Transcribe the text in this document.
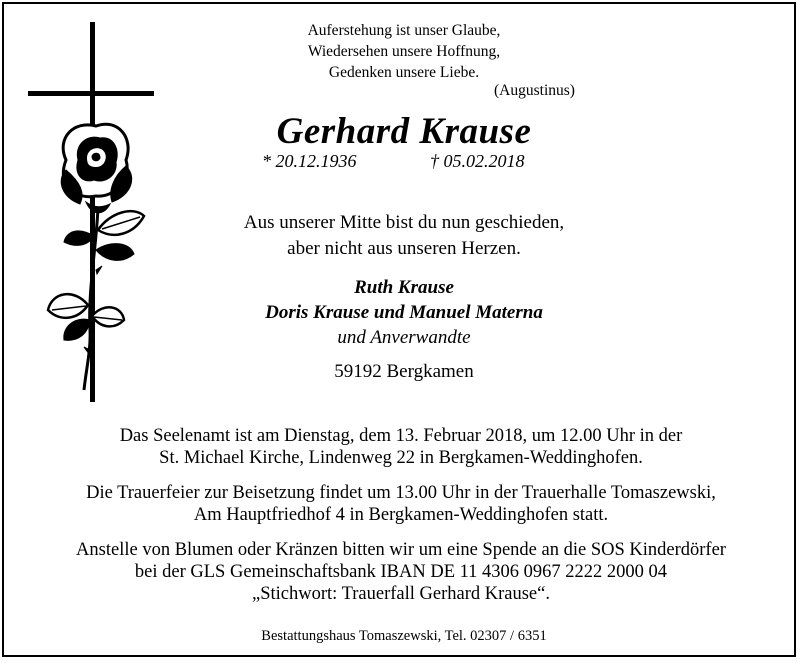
Auferstehung ist unser Glaube,
Wiedersehen unsere Hoffnung,
Gedenken unsere Liebe.
(Augustinus)
Gerhard Krause
* 20.12.1936	† 05.02.2018
Aus unserer Mitte bist du nun geschieden,
aber nicht aus unseren Herzen.
Ruth Krause
Doris Krause und Manuel Materna
und Anverwandte
59192 Bergkamen
Das Seelenamt ist am Dienstag, dem 13. Februar 2018, um 12.00 Uhr in der
St. Michael Kirche, Lindenweg 22 in Bergkamen-Weddinghofen.
Die Trauerfeier zur Beisetzung findet um 13.00 Uhr in der Trauerhalle Tomaszewski,
Am Hauptfriedhof 4 in Bergkamen-Weddinghofen statt.
Anstelle von Blumen oder Kränzen bitten wir um eine Spende an die SOS Kinderdörfer
bei der GLS Gemeinschaftsbank IBAN DE 11 4306 0967 2222 2000 04
„Stichwort: Trauerfall Gerhard Krause“.
Bestattungshaus Tomaszewski, Tel. 02307 / 6351
